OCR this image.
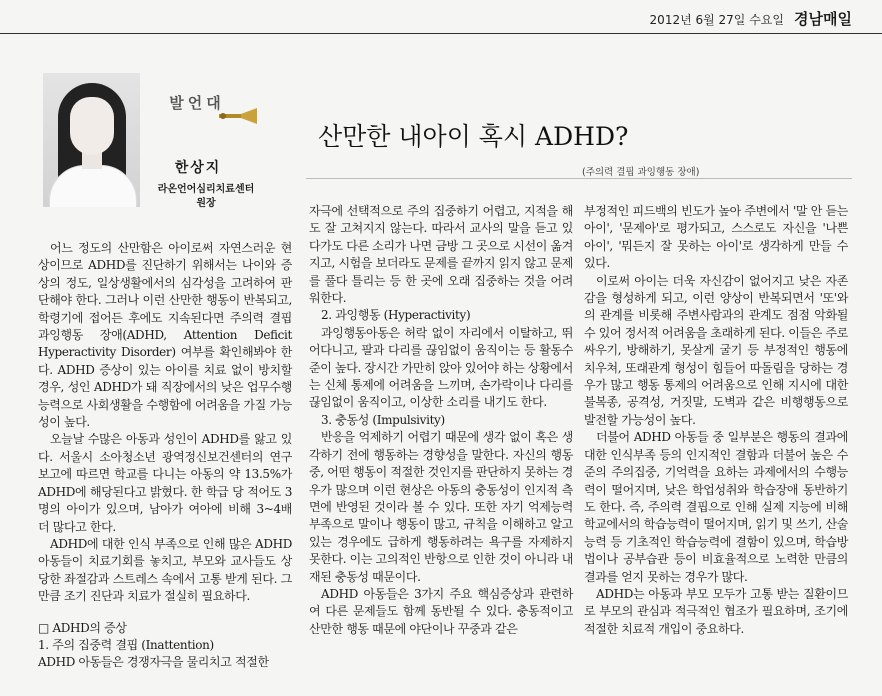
2012년 6월 27일 수요일 경남매일
발언대
한상지
라온언어심리치료센터
원장
산만한 내아이 혹시 ADHD?
(주의력 결핍 과잉행동 장애)

어느 정도의 산만함은 아이로써 자연스러운 현상이므로 ADHD를 진단하기 위해서는 나이와 증상의 정도, 일상생활에서의 심각성을 고려하여 판단해야 한다. 그러나 이런 산만한 행동이 반복되고, 학령기에 접어든 후에도 지속된다면 주의력 결핍 과잉행동 장애(ADHD, Attention Deficit Hyperactivity Disorder) 여부를 확인해봐야 한다. ADHD 증상이 있는 아이를 치료 없이 방치할 경우, 성인 ADHD가 돼 직장에서의 낮은 업무수행 능력으로 사회생활을 수행함에 어려움을 가질 가능성이 높다.

오늘날 수많은 아동과 성인이 ADHD를 앓고 있다. 서울시 소아청소년 광역정신보건센터의 연구 보고에 따르면 학교를 다니는 아동의 약 13.5%가 ADHD에 해당된다고 밝혔다. 한 학급 당 적어도 3명의 아이가 있으며, 남아가 여아에 비해 3~4배 더 많다고 한다.

ADHD에 대한 인식 부족으로 인해 많은 ADHD 아동들이 치료기회를 놓치고, 부모와 교사들도 상당한 좌절감과 스트레스 속에서 고통 받게 된다. 그만큼 조기 진단과 치료가 절실히 필요하다.

□ ADHD의 증상

1. 주의 집중력 결핍 (Inattention)

ADHD 아동들은 경쟁자극을 물리치고 적절한

자극에 선택적으로 주의 집중하기 어렵고, 지적을 해도 잘 고쳐지지 않는다. 따라서 교사의 말을 듣고 있다가도 다른 소리가 나면 금방 그 곳으로 시선이 옮겨지고, 시험을 보더라도 문제를 끝까지 읽지 않고 문제를 풀다 틀리는 등 한 곳에 오래 집중하는 것을 어려워한다.

2. 과잉행동 (Hyperactivity)

과잉행동아동은 허락 없이 자리에서 이탈하고, 뛰어다니고, 팔과 다리를 끊임없이 움직이는 등 활동수준이 높다. 장시간 가만히 앉아 있어야 하는 상황에서는 신체 통제에 어려움을 느끼며, 손가락이나 다리를 끊임없이 움직이고, 이상한 소리를 내기도 한다.

3. 충동성 (Impulsivity)

반응을 억제하기 어렵기 때문에 생각 없이 혹은 생각하기 전에 행동하는 경향성을 말한다. 자신의 행동 중, 어떤 행동이 적절한 것인지를 판단하지 못하는 경우가 많으며 이런 현상은 아동의 충동성이 인지적 측면에 반영된 것이라 볼 수 있다. 또한 자기 억제능력 부족으로 말이나 행동이 많고, 규칙을 이해하고 알고 있는 경우에도 급하게 행동하려는 욕구를 자제하지 못한다. 이는 고의적인 반항으로 인한 것이 아니라 내재된 충동성 때문이다.

ADHD 아동들은 3가지 주요 핵심증상과 관련하여 다른 문제들도 함께 동반될 수 있다. 충동적이고 산만한 행동 때문에 야단이나 꾸중과 같은

부정적인 피드백의 빈도가 높아 주변에서 '말 안 듣는 아이', '문제아'로 평가되고, 스스로도 자신을 '나쁜 아이', '뭐든지 잘 못하는 아이'로 생각하게 만들 수 있다.

이로써 아이는 더욱 자신감이 없어지고 낮은 자존감을 형성하게 되고, 이런 양상이 반복되면서 '또'와의 관계를 비롯해 주변사람과의 관계도 점점 악화될 수 있어 정서적 어려움을 초래하게 된다. 이들은 주로 싸우기, 방해하기, 못살게 굴기 등 부정적인 행동에 치우쳐, 또래관계 형성이 힘들어 따돌림을 당하는 경우가 많고 행동 통제의 어려움으로 인해 지시에 대한 불복종, 공격성, 거짓말, 도벽과 같은 비행행동으로 발전할 가능성이 높다.

더불어 ADHD 아동들 중 일부분은 행동의 결과에 대한 인식부족 등의 인지적인 결함과 더불어 높은 수준의 주의집중, 기억력을 요하는 과제에서의 수행능력이 떨어지며, 낮은 학업성취와 학습장애 동반하기도 한다. 즉, 주의력 결핍으로 인해 실제 지능에 비해 학교에서의 학습능력이 떨어지며, 읽기 및 쓰기, 산술능력 등 기초적인 학습능력에 결함이 있으며, 학습방법이나 공부습관 등이 비효율적으로 노력한 만큼의 결과를 얻지 못하는 경우가 많다.

ADHD는 아동과 부모 모두가 고통 받는 질환이므로 부모의 관심과 적극적인 협조가 필요하며, 조기에 적절한 치료적 개입이 중요하다.
